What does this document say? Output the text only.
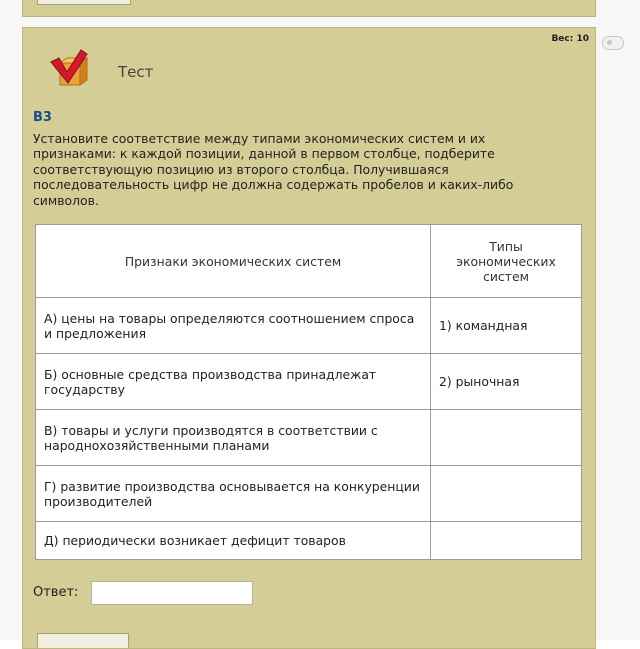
Вес: 10
Тест
B3
Установите соответствие между типами экономических систем и их признаками: к каждой позиции, данной в первом столбце, подберите соответствующую позицию из второго столбца. Получившаяся последовательность цифр не должна содержать пробелов и каких-либо символов.
Признаки экономических систем	Типы экономических систем
А) цены на товары определяются соотношением спроса и предложения	1) командная
Б) основные средства производства принадлежат государству	2) рыночная
В) товары и услуги производятся в соответствии с народнохозяйственными планами	
Г) развитие производства основывается на конкуренции производителей	
Д) периодически возникает дефицит товаров	
Ответ:
